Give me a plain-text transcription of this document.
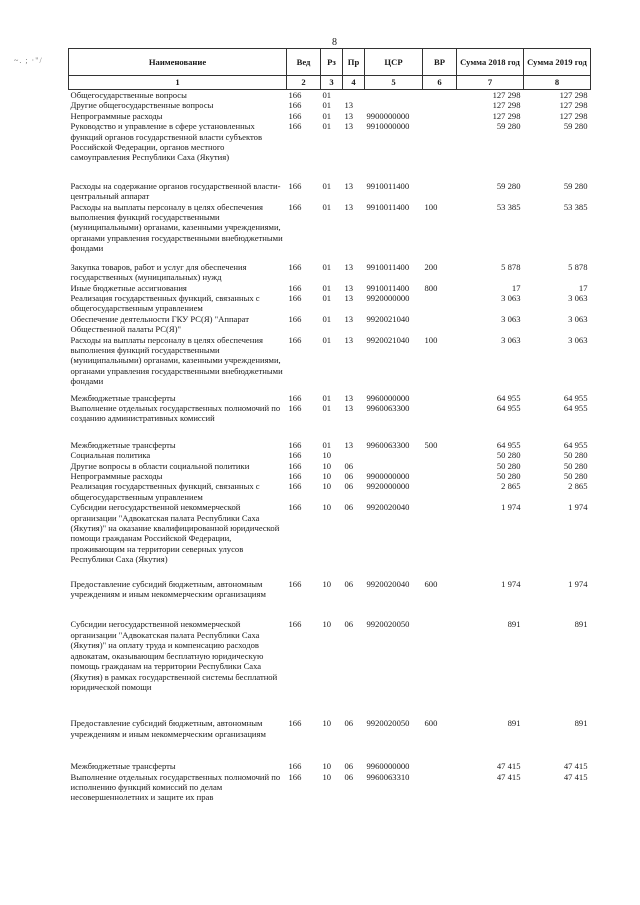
8
~. ; ·"/	Наименование	Вед	Рз	Пр	ЦСР	ВР	Сумма 2018 год	Сумма 2019 год
1	2	3	4	5	6	7	8
Общегосударственные вопросы	166	01				127 298	127 298
Другие общегосударственные вопросы	166	01	13			127 298	127 298
Непрограммные расходы	166	01	13	9900000000		127 298	127 298
Руководство и управление в сфере установленных функций органов государственной власти субъектов Российской Федерации, органов местного самоуправления Республики Саха (Якутия)	166	01	13	9910000000		59 280	59 280

Расходы на содержание органов государственной власти- центральный аппарат	166	01	13	9910011400		59 280	59 280
Расходы на выплаты персоналу в целях обеспечения выполнения функций государственными (муниципальными) органами, казенными учреждениями, органами управления государственными внебюджетными фондами	166	01	13	9910011400	100	53 385	53 385

Закупка товаров, работ и услуг для обеспечения государственных (муниципальных) нужд	166	01	13	9910011400	200	5 878	5 878
Иные бюджетные ассигнования	166	01	13	9910011400	800	17	17
Реализация государственных функций, связанных с общегосударственным управлением	166	01	13	9920000000		3 063	3 063
Обеспечение деятельности ГКУ РС(Я) "Аппарат Общественной палаты РС(Я)"	166	01	13	9920021040		3 063	3 063
Расходы на выплаты персоналу в целях обеспечения выполнения функций государственными (муниципальными) органами, казенными учреждениями, органами управления государственными внебюджетными фондами	166	01	13	9920021040	100	3 063	3 063

Межбюджетные трансферты	166	01	13	9960000000		64 955	64 955
Выполнение отдельных государственных полномочий по созданию административных комиссий	166	01	13	9960063300		64 955	64 955

Межбюджетные трансферты	166	01	13	9960063300	500	64 955	64 955
Социальная политика	166	10				50 280	50 280
Другие вопросы в области социальной политики	166	10	06			50 280	50 280
Непрограммные расходы	166	10	06	9900000000		50 280	50 280
Реализация государственных функций, связанных с общегосударственным управлением	166	10	06	9920000000		2 865	2 865
Субсидии негосударственной некоммерческой организации "Адвокатская палата Республики Саха (Якутия)" на оказание квалифицированной юридической помощи гражданам Российской Федерации, проживающим на территории северных улусов Республики Саха (Якутия)	166	10	06	9920020040		1 974	1 974

Предоставление субсидий бюджетным, автономным учреждениям и иным некоммерческим организациям	166	10	06	9920020040	600	1 974	1 974

Субсидии негосударственной некоммерческой организации "Адвокатская палата Республики Саха (Якутия)" на оплату труда и компенсацию расходов адвокатам, оказывающим бесплатную юридическую помощь гражданам на территории Республики Саха (Якутия) в рамках государственной системы бесплатной юридической помощи	166	10	06	9920020050		891	891

Предоставление субсидий бюджетным, автономным учреждениям и иным некоммерческим организациям	166	10	06	9920020050	600	891	891

Межбюджетные трансферты	166	10	06	9960000000		47 415	47 415
Выполнение отдельных государственных полномочий по исполнению функций комиссий по делам несовершеннолетних и защите их прав	166	10	06	9960063310		47 415	47 415
